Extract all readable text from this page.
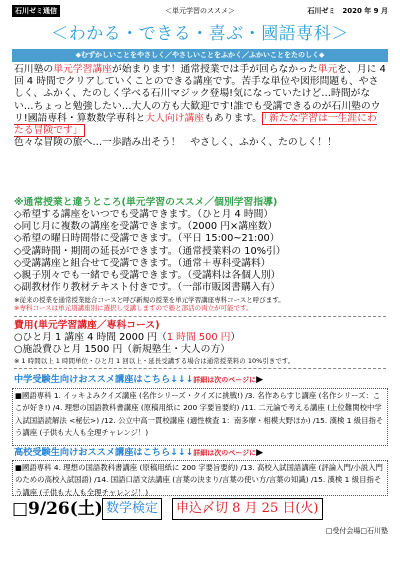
石川ゼミ通信	＜単元学習のススメ＞	石川ゼミ　2020 年 9 月
＜わかる・できる・喜ぶ・國語専科＞
◆むずかしいことをやさしく／やさしいことをふかく／ふかいことをたのしく◆
石川塾の単元学習講座が始まります！通常授業では手が回らなかった単元を、月に 4 回 4 時間でクリアしていくことのできる講座です。苦手な単位や図形問題も、やさしく、ふかく、たのしく学べる石川マジック登場!気になっていたけど…時間がない…ちょっと勉強したい…大人の方も大歓迎です!誰でも受講できるのが石川塾のウリ!國語専科・算数数学専科と大人向け講座もあります。 「新たな学習は一生涯にわたる冒険です」
色々な冒険の旅へ…一歩踏み出そう！　やさしく、ふかく、たのしく！！
※通常授業と違うところ(単元学習のススメ／個別学習指導)
◇希望する講座をいつでも受講できます。（ひと月 4 時間）
◇同じ月に複数の講座を受講できます。（2000 円×講座数）
◇希望の曜日時間帯に受講できます。（平日 15:00~21:00）
◇受講時間・期間の延長ができます。（通常授業料の 10%引）
◇受講講座と組合せて受講できます。（通常＋専科受講料）
◇親子別々でも一緒でも受講できます。（受講料は各個人別）
◇副教材作り教材テキスト付きです。（一部市販図書購入有）
※従来の授業を通常授業総合コースと呼び新規の授業を単元学習講座専科コースと呼びます。
※専科コースは単元別講座別に選択し受講しますので塾と部活の両立が可能です。
費用(単元学習講座／専科コース)
○ひと月 1 講座 4 時間 2000 円（1 時間 500 円）
○施設費ひと月 1500 円（新規塾生・大人の方）
※ 1 時間以上 1 時間単位・ひと月 1 回以上・延長受講する場合は通常授業料の 10%引きです。
中学受験生向けおススメ講座はこちら↓↓↓詳細は次のページに▶
■國語専科 1. イッキよみクイズ講座 (名作シリーズ・クイズに挑戦!) /3. 名作あらすじ講座 (名作シリーズ：ここが好き!) /4. 理想の国語教科書講座 (原稿用紙に 200 字要旨要約) /11. 二元論で考える講座 (上位難関校中学入試国語読解法 <秘伝>) /12. 公立中高一貫校講座 (適性検査 1：南多摩・相模大野ほか) /15. 漢検 1 級目指そう講座 (子供も大人も全理チャレンジ！)
高校受験生向けおススメ講座はこちら↓↓↓詳細は次のページに▶
■國語専科 4. 理想の国語教科書講座 (原稿用紙に 200 字要旨要約) /13. 高校入試国語講座 (評論入門/小説入門のための高校入試国語) /14. 国語口語文法講座 (言葉の決まり/言葉の使い方/言葉の知識) /15. 漢検 1 級目指そう講座 (子供も大人も全理チャレンジ！)
□9/26(土) 数学検定	申込〆切 8 月 25 日(火)
□受付会場□石川塾
